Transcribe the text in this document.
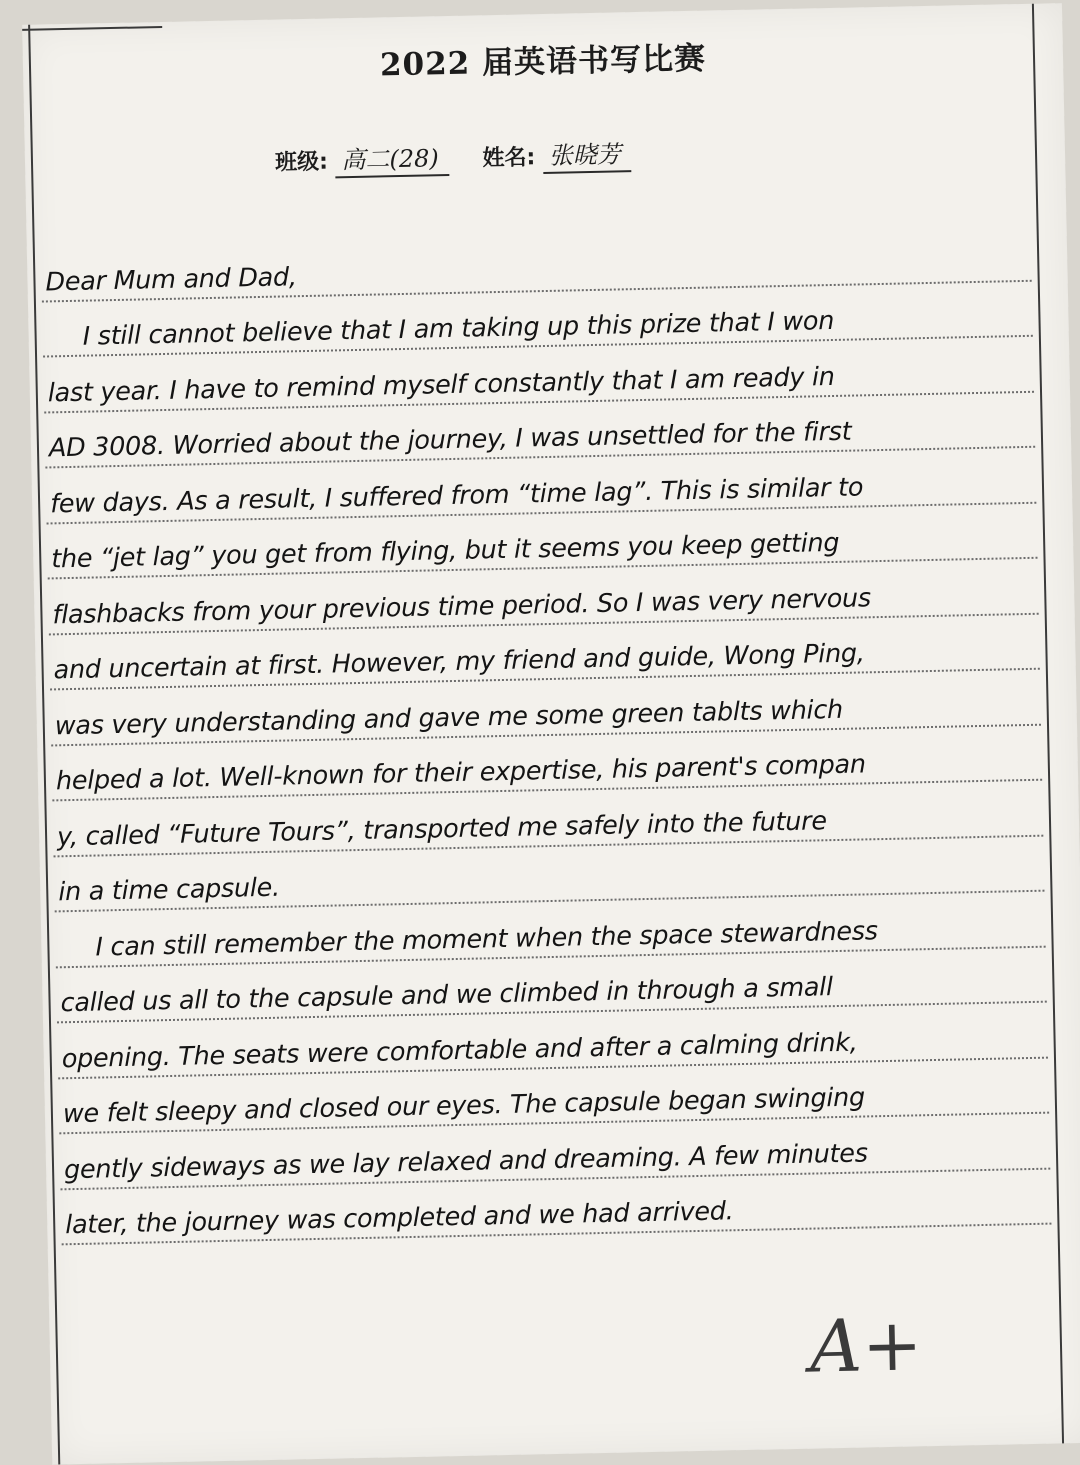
2022 届英语书写比赛
班级: 高二(28) 姓名: 张晓芳
Dear Mum and Dad,
I still cannot believe that I am taking up this prize that I won
last year. I have to remind myself constantly that I am ready in
AD 3008. Worried about the journey, I was unsettled for the first
few days. As a result, I suffered from “time lag”. This is similar to
the “jet lag” you get from flying, but it seems you keep getting
flashbacks from your previous time period. So I was very nervous
and uncertain at first. However, my friend and guide, Wong Ping,
was very understanding and gave me some green tablts which
helped a lot. Well-known for their expertise, his parent's compan
y, called “Future Tours”, transported me safely into the future
in a time capsule.
I can still remember the moment when the space stewardness
called us all to the capsule and we climbed in through a small
opening. The seats were comfortable and after a calming drink,
we felt sleepy and closed our eyes. The capsule began swinging
gently sideways as we lay relaxed and dreaming. A few minutes
later, the journey was completed and we had arrived.
A+
